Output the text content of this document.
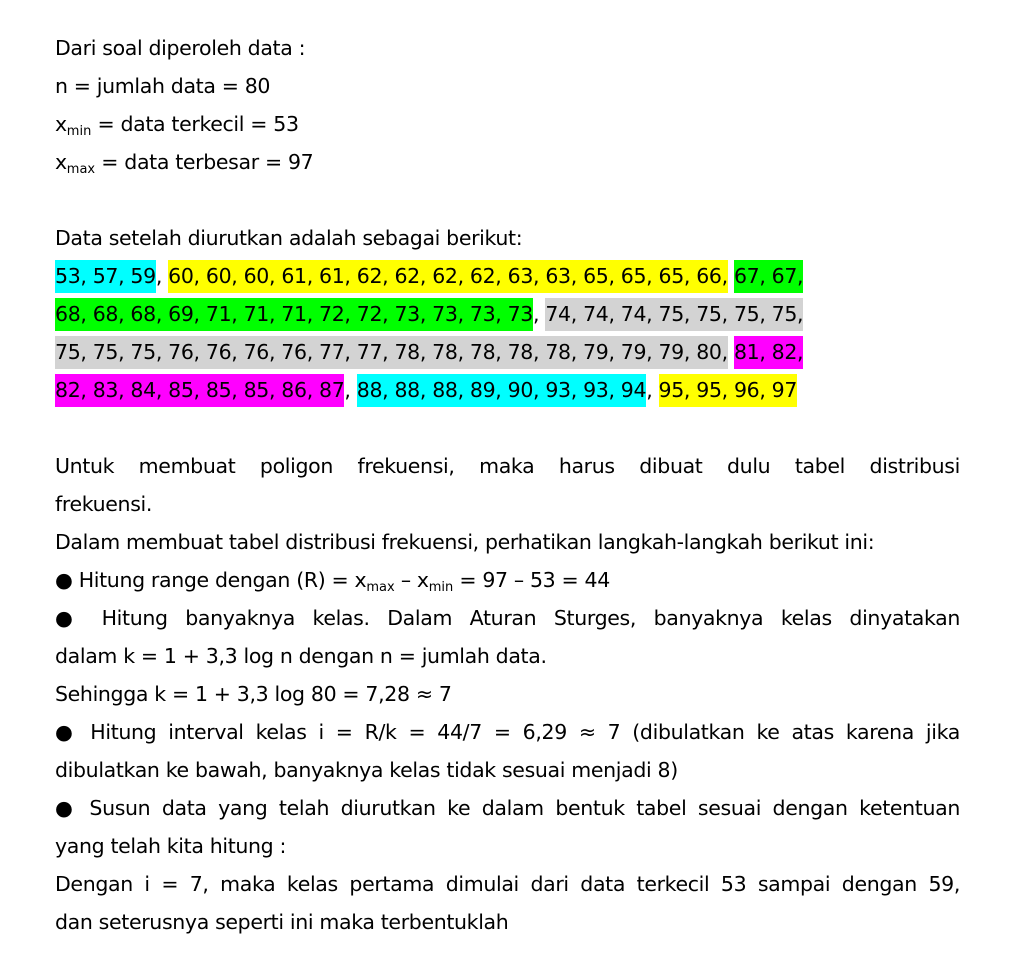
Dari soal diperoleh data :
n = jumlah data = 80
$x_{min}$ = data terkecil = 53
$x_{max}$ = data terbesar = 97
Data setelah diurutkan adalah sebagai berikut:
53, 57, 59, 60, 60, 60, 61, 61, 62, 62, 62, 62, 63, 63, 65, 65, 65, 66, 67, 67,
68, 68, 68, 69, 71, 71, 71, 72, 72, 73, 73, 73, 73, 74, 74, 74, 75, 75, 75, 75,
75, 75, 75, 76, 76, 76, 76, 77, 77, 78, 78, 78, 78, 78, 79, 79, 79, 80, 81, 82,
82, 83, 84, 85, 85, 85, 86, 87, 88, 88, 88, 89, 90, 93, 93, 94, 95, 95, 96, 97
Untuk membuat poligon frekuensi, maka harus dibuat dulu tabel distribusi
frekuensi.
Dalam membuat tabel distribusi frekuensi, perhatikan langkah-langkah berikut ini:
● Hitung range dengan $(R) = x_{max} - x_{min} = 97 - 53 = 44$
● Hitung banyaknya kelas. Dalam Aturan Sturges, banyaknya kelas dinyatakan
dalam k = 1 + 3,3 log n dengan n = jumlah data.
Sehingga k = 1 + 3,3 log 80 = 7,28 ≈ 7
● Hitung interval kelas i = R/k = 44/7 = 6,29 ≈ 7 (dibulatkan ke atas karena jika
dibulatkan ke bawah, banyaknya kelas tidak sesuai menjadi 8)
● Susun data yang telah diurutkan ke dalam bentuk tabel sesuai dengan ketentuan
yang telah kita hitung :
Dengan i = 7, maka kelas pertama dimulai dari data terkecil 53 sampai dengan 59,
dan seterusnya seperti ini maka terbentuklah
